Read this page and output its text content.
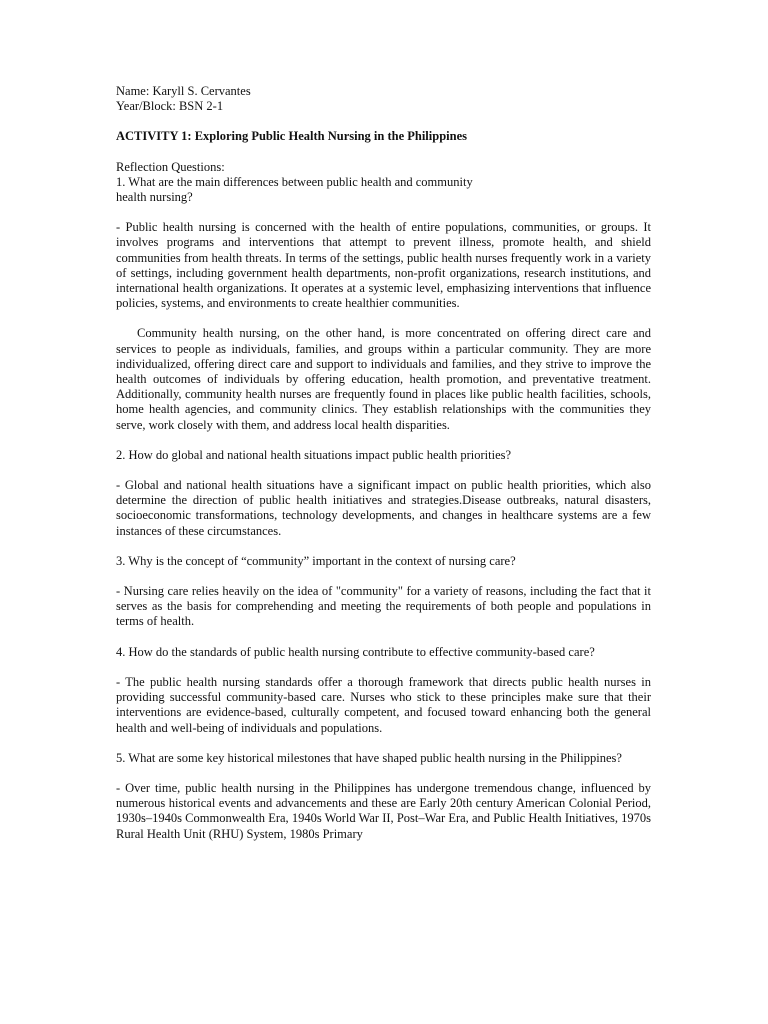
Name: Karyll S. Cervantes

Year/Block: BSN 2-1

ACTIVITY 1: Exploring Public Health Nursing in the Philippines

Reflection Questions:

1. What are the main differences between public health and community

health nursing?

- Public health nursing is concerned with the health of entire populations, communities, or groups. It involves programs and interventions that attempt to prevent illness, promote health, and shield communities from health threats. In terms of the settings, public health nurses frequently work in a variety of settings, including government health departments, non-profit organizations, research institutions, and international health organizations. It operates at a systemic level, emphasizing interventions that influence policies, systems, and environments to create healthier communities.

Community health nursing, on the other hand, is more concentrated on offering direct care and services to people as individuals, families, and groups within a particular community. They are more individualized, offering direct care and support to individuals and families, and they strive to improve the health outcomes of individuals by offering education, health promotion, and preventative treatment. Additionally, community health nurses are frequently found in places like public health facilities, schools, home health agencies, and community clinics. They establish relationships with the communities they serve, work closely with them, and address local health disparities.

2. How do global and national health situations impact public health priorities?

- Global and national health situations have a significant impact on public health priorities, which also determine the direction of public health initiatives and strategies.Disease outbreaks, natural disasters, socioeconomic transformations, technology developments, and changes in healthcare systems are a few instances of these circumstances.

3. Why is the concept of “community” important in the context of nursing care?

- Nursing care relies heavily on the idea of "community" for a variety of reasons, including the fact that it serves as the basis for comprehending and meeting the requirements of both people and populations in terms of health.

4. How do the standards of public health nursing contribute to effective community-based care?

- The public health nursing standards offer a thorough framework that directs public health nurses in providing successful community-based care. Nurses who stick to these principles make sure that their interventions are evidence-based, culturally competent, and focused toward enhancing both the general health and well-being of individuals and populations.

5. What are some key historical milestones that have shaped public health nursing in the Philippines?

- Over time, public health nursing in the Philippines has undergone tremendous change, influenced by numerous historical events and advancements and these are Early 20th century American Colonial Period, 1930s–1940s Commonwealth Era, 1940s World War II, Post–War Era, and Public Health Initiatives, 1970s Rural Health Unit (RHU) System, 1980s Primary
